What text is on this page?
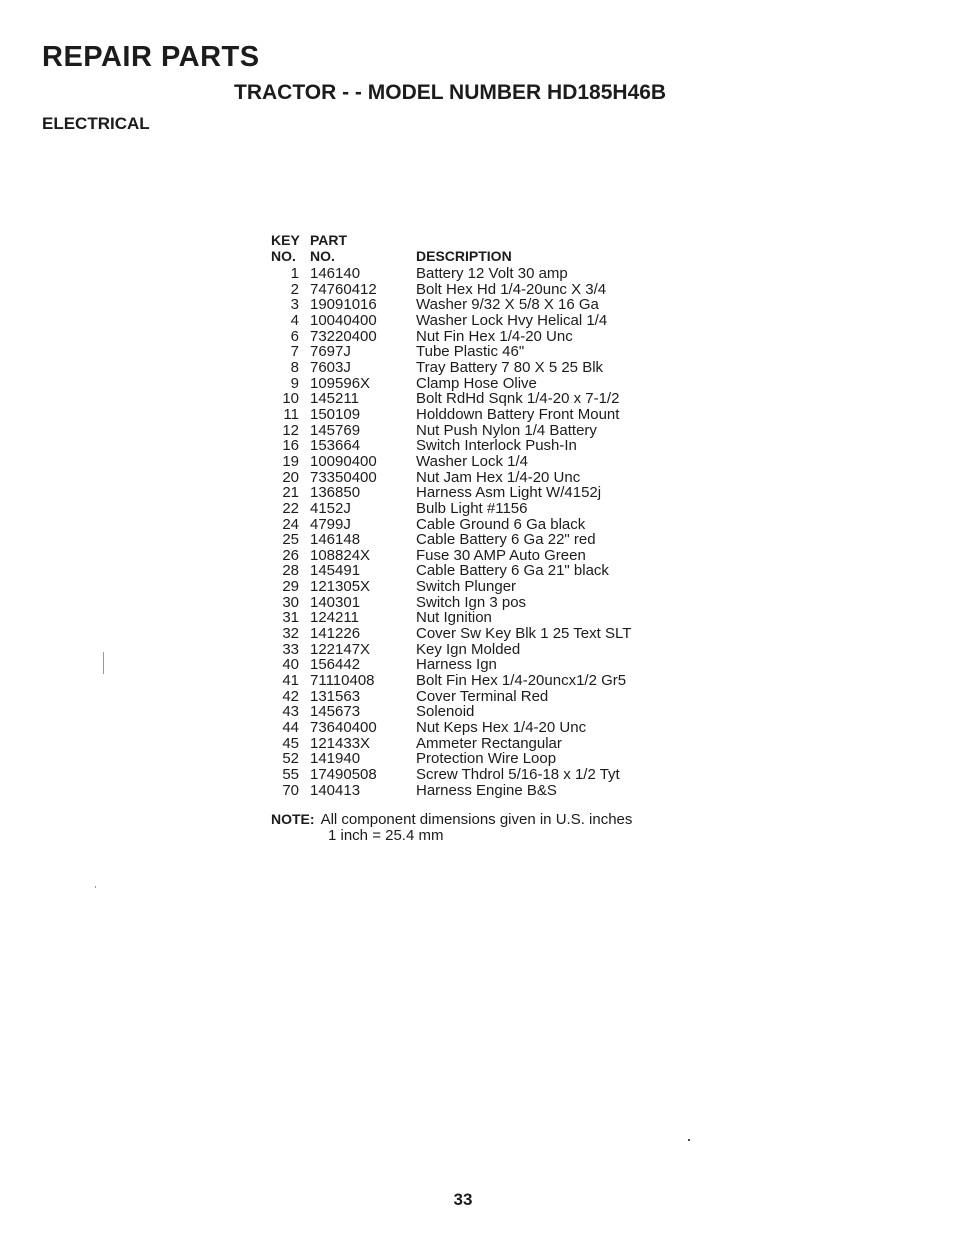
REPAIR PARTS
TRACTOR - - MODEL NUMBER HD185H46B
ELECTRICAL
KEY	PART	
NO.	NO.	DESCRIPTION
1	146140	Battery 12 Volt 30 amp
2	74760412	Bolt Hex Hd 1/4-20unc X 3/4
3	19091016	Washer 9/32 X 5/8 X 16 Ga
4	10040400	Washer Lock Hvy Helical 1/4
6	73220400	Nut Fin Hex 1/4-20 Unc
7	7697J	Tube Plastic 46"
8	7603J	Tray Battery 7 80 X 5 25 Blk
9	109596X	Clamp Hose Olive
10	145211	Bolt RdHd Sqnk 1/4-20 x 7-1/2
11	150109	Holddown Battery Front Mount
12	145769	Nut Push Nylon 1/4 Battery
16	153664	Switch Interlock Push-In
19	10090400	Washer Lock 1/4
20	73350400	Nut Jam Hex 1/4-20 Unc
21	136850	Harness Asm Light W/4152j
22	4152J	Bulb Light #1156
24	4799J	Cable Ground 6 Ga black
25	146148	Cable Battery 6 Ga 22" red
26	108824X	Fuse 30 AMP Auto Green
28	145491	Cable Battery 6 Ga 21" black
29	121305X	Switch Plunger
30	140301	Switch Ign 3 pos
31	124211	Nut Ignition
32	141226	Cover Sw Key Blk 1 25 Text SLT
33	122147X	Key Ign Molded
40	156442	Harness Ign
41	71110408	Bolt Fin Hex 1/4-20uncx1/2 Gr5
42	131563	Cover Terminal Red
43	145673	Solenoid
44	73640400	Nut Keps Hex 1/4-20 Unc
45	121433X	Ammeter Rectangular
52	141940	Protection Wire Loop
55	17490508	Screw Thdrol 5/16-18 x 1/2 Tyt
70	140413	Harness Engine B&S
NOTE: All component dimensions given in U.S. inches
1 inch = 25.4 mm
33
